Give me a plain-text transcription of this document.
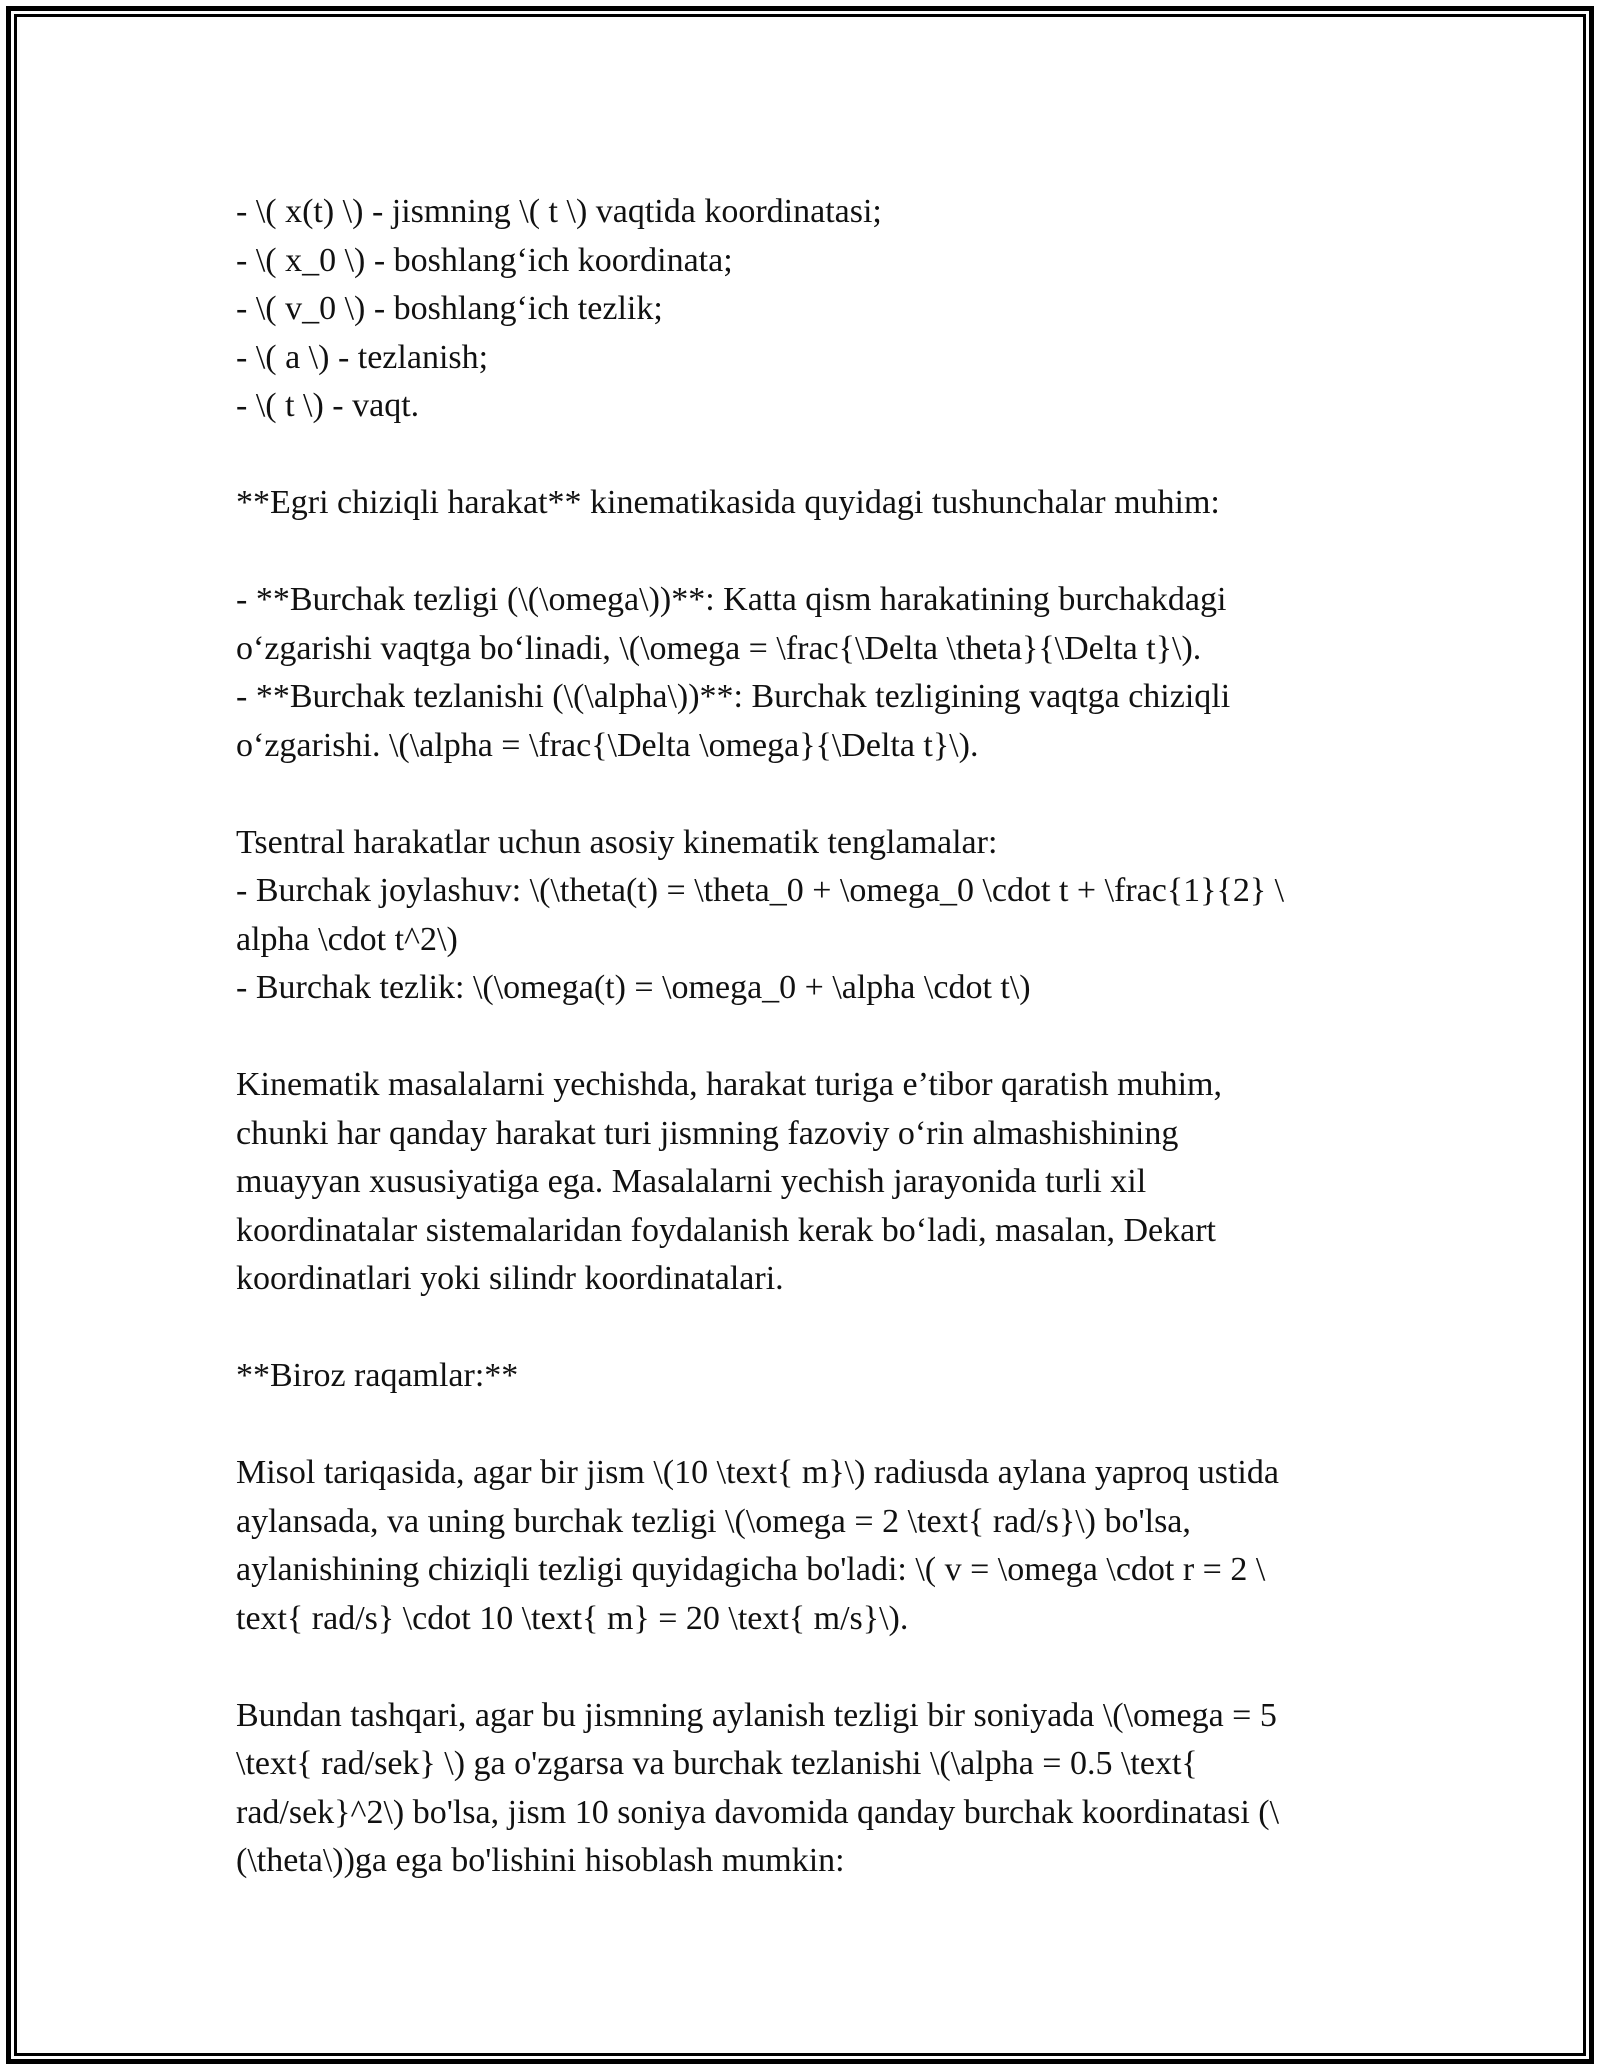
- \( x(t) \) - jismning \( t \) vaqtida koordinatasi;
- \( x_0 \) - boshlang‘ich koordinata;
- \( v_0 \) - boshlang‘ich tezlik;
- \( a \) - tezlanish;
- \( t \) - vaqt.
**Egri chiziqli harakat** kinematikasida quyidagi tushunchalar muhim:
- **Burchak tezligi (\(\omega\))**: Katta qism harakatining burchakdagi
o‘zgarishi vaqtga bo‘linadi, \(\omega = \frac{\Delta \theta}{\Delta t}\).
- **Burchak tezlanishi (\(\alpha\))**: Burchak tezligining vaqtga chiziqli
o‘zgarishi. \(\alpha = \frac{\Delta \omega}{\Delta t}\).
Tsentral harakatlar uchun asosiy kinematik tenglamalar:
- Burchak joylashuv: \(\theta(t) = \theta_0 + \omega_0 \cdot t + \frac{1}{2} \
alpha \cdot t^2\)
- Burchak tezlik: \(\omega(t) = \omega_0 + \alpha \cdot t\)
Kinematik masalalarni yechishda, harakat turiga e’tibor qaratish muhim,
chunki har qanday harakat turi jismning fazoviy o‘rin almashishining
muayyan xususiyatiga ega. Masalalarni yechish jarayonida turli xil
koordinatalar sistemalaridan foydalanish kerak bo‘ladi, masalan, Dekart
koordinatlari yoki silindr koordinatalari.
**Biroz raqamlar:**
Misol tariqasida, agar bir jism \(10 \text{ m}\) radiusda aylana yaproq ustida
aylansada, va uning burchak tezligi \(\omega = 2 \text{ rad/s}\) bo'lsa,
aylanishining chiziqli tezligi quyidagicha bo'ladi: \( v = \omega \cdot r = 2 \
text{ rad/s} \cdot 10 \text{ m} = 20 \text{ m/s}\).
Bundan tashqari, agar bu jismning aylanish tezligi bir soniyada \(\omega = 5
\text{ rad/sek} \) ga o'zgarsa va burchak tezlanishi \(\alpha = 0.5 \text{
rad/sek}^2\) bo'lsa, jism 10 soniya davomida qanday burchak koordinatasi (\
(\theta\))ga ega bo'lishini hisoblash mumkin:
